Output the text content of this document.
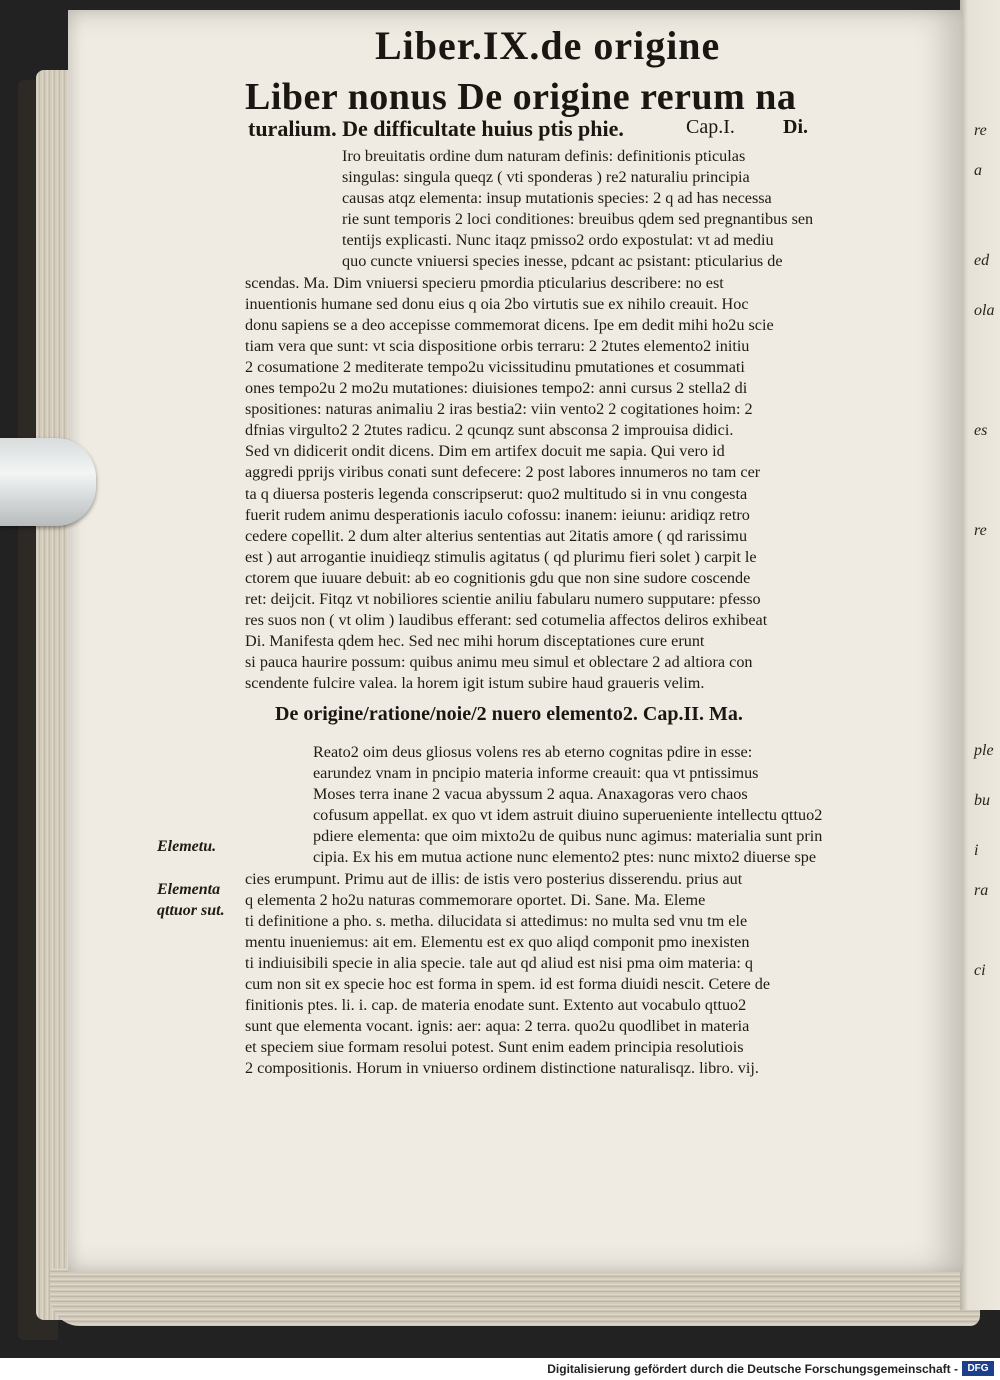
re
a
ed
ola
es
re
ple
bu
i
ra
ci
Liber.IX.de origine
Liber nonus De origine rerum na
turalium. De difficultate huius ptis phie.	Cap.I. Di.
Iro breuitatis ordine dum naturam definis: definitionis pticulas
singulas: singula queqz ( vti sponderas ) re2 naturaliu principia
causas atqz elementa: insup mutationis species: 2 q ad has necessa
rie sunt temporis 2 loci conditiones: breuibus qdem sed pregnantibus sen
tentijs explicasti. Nunc itaqz pmisso2 ordo expostulat: vt ad mediu
quo cuncte vniuersi species inesse, pdcant ac psistant: pticularius de
scendas. Ma. Dim vniuersi specieru pmordia pticularius describere: no est
inuentionis humane sed donu eius q oia 2bo virtutis sue ex nihilo creauit. Hoc
donu sapiens se a deo accepisse commemorat dicens. Ipe em dedit mihi ho2u scie
tiam vera que sunt: vt scia dispositione orbis terraru: 2 2tutes elemento2 initiu
2 cosumatione 2 mediterate tempo2u vicissitudinu pmutationes et cosummati
ones tempo2u 2 mo2u mutationes: diuisiones tempo2: anni cursus 2 stella2 di
spositiones: naturas animaliu 2 iras bestia2: viin vento2 2 cogitationes hoim: 2
dfnias virgulto2 2 2tutes radicu. 2 qcunqz sunt absconsa 2 improuisa didici.
Sed vn didicerit ondit dicens. Dim em artifex docuit me sapia. Qui vero id
aggredi pprijs viribus conati sunt defecere: 2 post labores innumeros no tam cer
ta q diuersa posteris legenda conscripserut: quo2 multitudo si in vnu congesta
fuerit rudem animu desperationis iaculo cofossu: inanem: ieiunu: aridiqz retro
cedere copellit. 2 dum alter alterius sententias aut 2itatis amore ( qd rarissimu
est ) aut arrogantie inuidieqz stimulis agitatus ( qd plurimu fieri solet ) carpit le
ctorem que iuuare debuit: ab eo cognitionis gdu que non sine sudore coscende
ret: deijcit. Fitqz vt nobiliores scientie aniliu fabularu numero supputare: pfesso
res suos non ( vt olim ) laudibus efferant: sed cotumelia affectos deliros exhibeat
Di. Manifesta qdem hec. Sed nec mihi horum disceptationes cure erunt
si pauca haurire possum: quibus animu meu simul et oblectare 2 ad altiora con
scendente fulcire valea. la horem igit istum subire haud graueris velim.
De origine/ratione/noie/2 nuero elemento2. Cap.II. Ma.
Reato2 oim deus gliosus volens res ab eterno cognitas pdire in esse:
earundez vnam in pncipio materia informe creauit: qua vt pntissimus
Moses terra inane 2 vacua abyssum 2 aqua. Anaxagoras vero chaos
cofusum appellat. ex quo vt idem astruit diuino superueniente intellectu qttuo2
pdiere elementa: que oim mixto2u de quibus nunc agimus: materialia sunt prin
cipia. Ex his em mutua actione nunc elemento2 ptes: nunc mixto2 diuerse spe
cies erumpunt. Primu aut de illis: de istis vero posterius disserendu. prius aut
q elementa 2 ho2u naturas commemorare oportet. Di. Sane. Ma. Eleme
ti definitione a pho. s. metha. dilucidata si attedimus: no multa sed vnu tm ele
mentu inueniemus: ait em. Elementu est ex quo aliqd componit pmo inexisten
ti indiuisibili specie in alia specie. tale aut qd aliud est nisi pma oim materia: q
cum non sit ex specie hoc est forma in spem. id est forma diuidi nescit. Cetere de
finitionis ptes. li. i. cap. de materia enodate sunt. Extento aut vocabulo qttuo2
sunt que elementa vocant. ignis: aer: aqua: 2 terra. quo2u quodlibet in materia
et speciem siue formam resolui potest. Sunt enim eadem principia resolutiois
2 compositionis. Horum in vniuerso ordinem distinctione naturalisqz. libro. vij.
Elemetu.
Elementa
qttuor sut.
Digitalisierung gefördert durch die Deutsche Forschungsgemeinschaft - DFG
